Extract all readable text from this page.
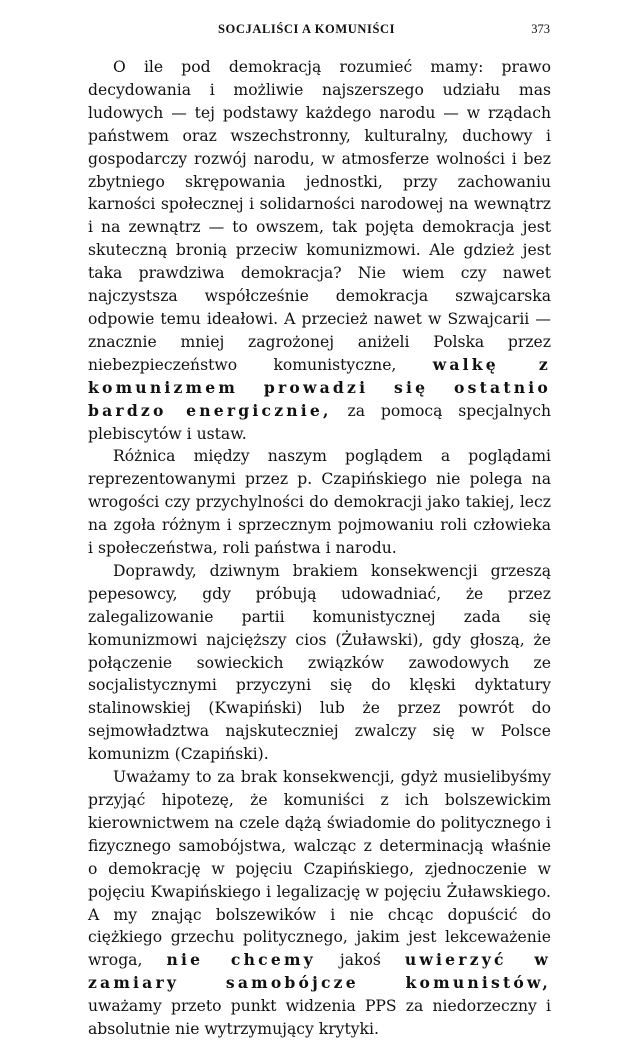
SOCJALIŚCI A KOMUNIŚCI	373

O ile pod demokracją rozumieć mamy: prawo decydowania i możliwie najszerszego udziału mas ludowych — tej podstawy każdego narodu — w rządach państwem oraz wszechstronny, kulturalny, duchowy i gospodarczy rozwój narodu, w atmosferze wolności i bez zbytniego skrępowania jednostki, przy zachowaniu karności społecznej i solidarności narodowej na wewnątrz i na zewnątrz — to owszem, tak pojęta demokracja jest skuteczną bronią przeciw komunizmowi. Ale gdzież jest taka prawdziwa demokracja? Nie wiem czy nawet najczystsza współcześnie demokracja szwajcarska odpowie temu ideałowi. A przecież nawet w Szwajcarii — znacznie mniej zagrożonej aniżeli Polska przez niebezpieczeństwo komunistyczne, walkę z komunizmem prowadzi się ostatnio bardzo energicznie, za pomocą specjalnych plebiscytów i ustaw.

Różnica między naszym poglądem a poglądami reprezentowanymi przez p. Czapińskiego nie polega na wrogości czy przychylności do demokracji jako takiej, lecz na zgoła różnym i sprzecznym pojmowaniu roli człowieka i społeczeństwa, roli państwa i narodu.

Doprawdy, dziwnym brakiem konsekwencji grzeszą pepesowcy, gdy próbują udowadniać, że przez zalegalizowanie partii komunistycznej zada się komunizmowi najcięższy cios (Żuławski), gdy głoszą, że połączenie sowieckich związków zawodowych ze socjalistycznymi przyczyni się do klęski dyktatury stalinowskiej (Kwapiński) lub że przez powrót do sejmowładztwa najskuteczniej zwalczy się w Polsce komunizm (Czapiński).

Uważamy to za brak konsekwencji, gdyż musielibyśmy przyjąć hipotezę, że komuniści z ich bolszewickim kierownictwem na czele dążą świadomie do politycznego i fizycznego samobójstwa, walcząc z determinacją właśnie o demokrację w pojęciu Czapińskiego, zjednoczenie w pojęciu Kwapińskiego i legalizację w pojęciu Żuławskiego. A my znając bolszewików i nie chcąc dopuścić do ciężkiego grzechu politycznego, jakim jest lekceważenie wroga, nie chcemy jakoś uwierzyć w zamiary samobójcze komunistów, uważamy przeto punkt widzenia PPS za niedorzeczny i absolutnie nie wytrzymujący krytyki.
